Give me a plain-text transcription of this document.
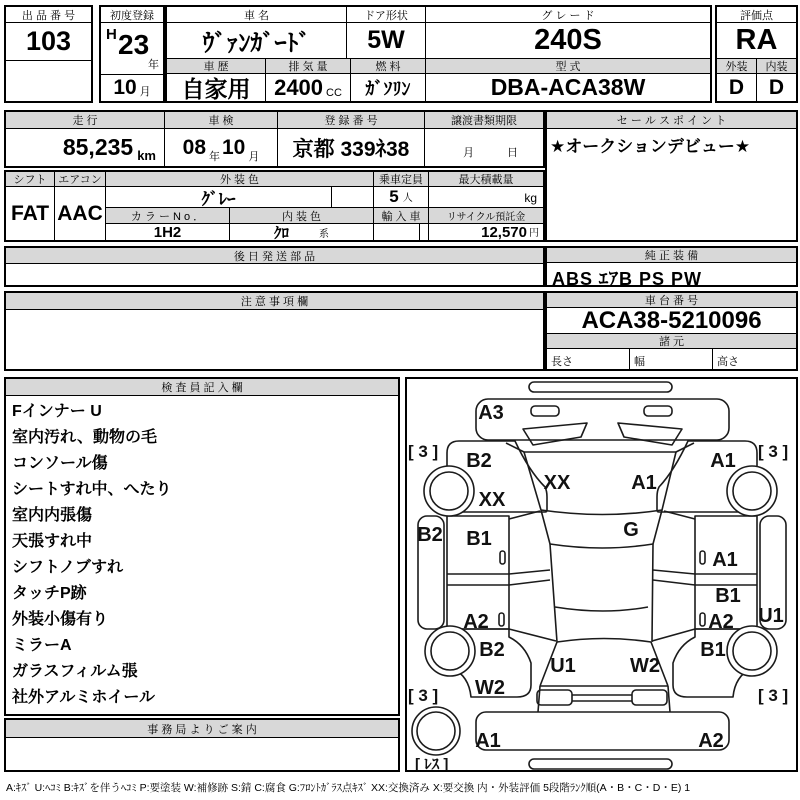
出 品 番 号
103
初度登録
H 23
年
10 月
車 名	ドア形状	グ レ ー ド
ｳﾞｧﾝｶﾞｰﾄﾞ	5W	240S
車 歴	排 気 量	燃 料	型 式
自家用	2400 CC	ｶﾞｿﾘﾝ	DBA-ACA38W
評価点
RA
外装	内装
D	D
走 行	車 検	登 録 番 号	譲渡書類期限
85,235 km 08 年 10 月	京都 339ﾈ38	月	日
セ ー ル ス ポ イ ン ト
★オークションデビュー★
シフト	エアコン
FAT AAC
外 装 色
ｸﾞﾚｰ
カ ラ ー N o ．	内 装 色
1H2	ｸﾛ	系
乗車定員
5 人
輸 入 車
最大積載量
kg
リサイクル預託金
12,570 円
後 日 発 送 部 品	純 正 装 備
ABS ｴｱB PS PW
注 意 事 項 欄	車 台 番 号
ACA38-5210096
諸 元
長さ	幅	高さ
検 査 員 記 入 欄
Fインナー U
室内汚れ、動物の毛
コンソール傷
シートすれ中、へたり
室内内張傷
天張すれ中
シフトノブすれ
タッチP跡
外装小傷有り
ミラーA
ガラスフィルム張
社外アルミホイール
A3
[ 3 ]	[ 3 ]
B2	A1
XX	A1
XX
B2 B1	G
A1
B1
U1
A2	A2
B2	B1
U1	W2
W2
[ 3 ]	[ 3 ]
A1	A2
[ ﾚｽ ]
事 務 局 よ り ご 案 内
A:ｷｽﾞ U:ﾍｺﾐ B:ｷｽﾞを伴うﾍｺﾐ P:要塗装 W:補修跡 S:錆 C:腐食 G:ﾌﾛﾝﾄｶﾞﾗｽ点ｷｽﾞ XX:交換済み X:要交換 内・外装評価 5段階ﾗﾝｸ順(A・B・C・D・E) 1
